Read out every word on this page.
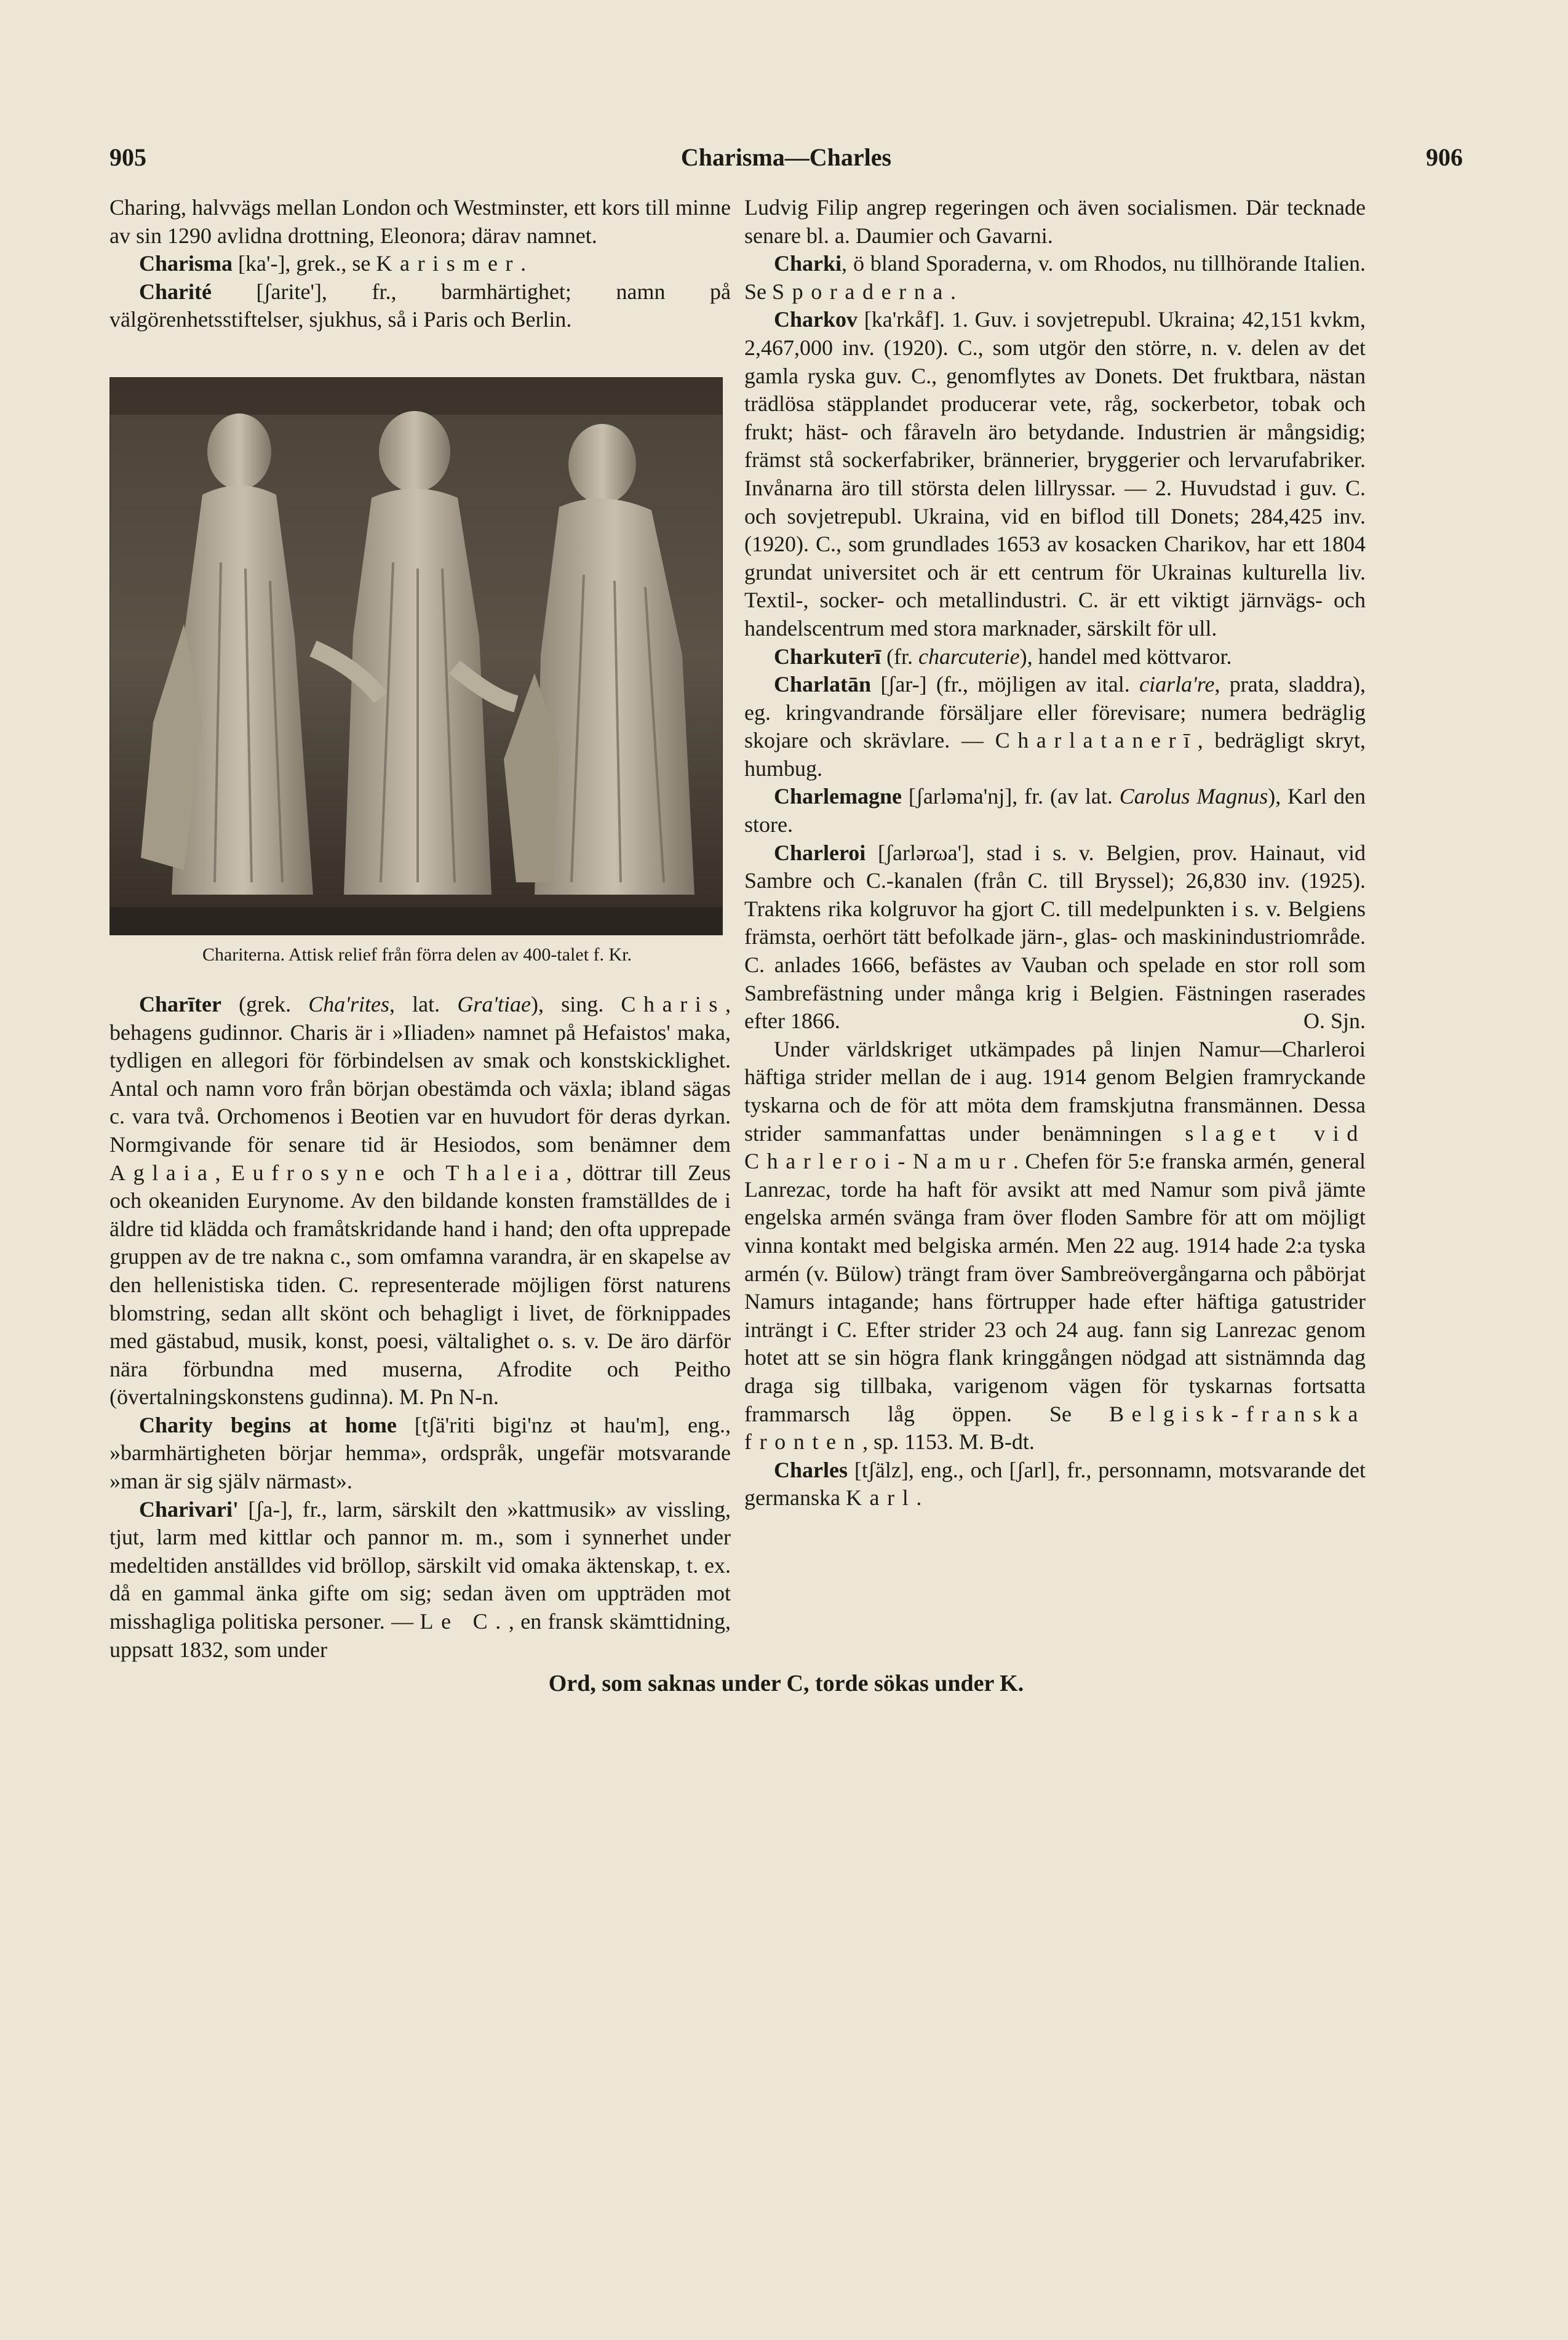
905	Charisma—Charles	906

Charing, halvvägs mellan London och Westminster, ett kors till minne av sin 1290 avlidna drottning, Eleonora; därav namnet.

Charisma [ka'-], grek., se Karismer.

Charité [ʃarite'], fr., barmhärtighet; namn på välgörenhetsstiftelser, sjukhus, så i Paris och Berlin.

Chariterna. Attisk relief från förra delen av 400-talet f. Kr.

Charīter (grek. Cha'rites, lat. Gra'tiae), sing. Charis, behagens gudinnor. Charis är i »Iliaden» namnet på Hefaistos' maka, tydligen en allegori för förbindelsen av smak och konstskicklighet. Antal och namn voro från början obestämda och växla; ibland sägas c. vara två. Orchomenos i Beotien var en huvudort för deras dyrkan. Normgivande för senare tid är Hesiodos, som benämner dem Aglaia, Eufrosyne och Thaleia, döttrar till Zeus och okeaniden Eurynome. Av den bildande konsten framställdes de i äldre tid klädda och framåtskridande hand i hand; den ofta upprepade gruppen av de tre nakna c., som omfamna varandra, är en skapelse av den hellenistiska tiden. C. representerade möjligen först naturens blomstring, sedan allt skönt och behagligt i livet, de förknippades med gästabud, musik, konst, poesi, vältalighet o. s. v. De äro därför nära förbundna med muserna, Afrodite och Peitho (övertalningskonstens gudinna). M. Pn N-n.

Charity begins at home [tʃä'riti bigi'nz ət hau'm], eng., »barmhärtigheten börjar hemma», ordspråk, ungefär motsvarande »man är sig själv närmast».

Charivari' [ʃa-], fr., larm, särskilt den »kattmusik» av vissling, tjut, larm med kittlar och pannor m. m., som i synnerhet under medeltiden anställdes vid bröllop, särskilt vid omaka äktenskap, t. ex. då en gammal änka gifte om sig; sedan även om uppträden mot misshagliga politiska personer. — Le C., en fransk skämttidning, uppsatt 1832, som under

Ludvig Filip angrep regeringen och även socialismen. Där tecknade senare bl. a. Daumier och Gavarni.

Charki, ö bland Sporaderna, v. om Rhodos, nu tillhörande Italien. Se Sporaderna.

Charkov [ka'rkåf]. 1. Guv. i sovjetrepubl. Ukraina; 42,151 kvkm, 2,467,000 inv. (1920). C., som utgör den större, n. v. delen av det gamla ryska guv. C., genomflytes av Donets. Det fruktbara, nästan trädlösa stäpplandet producerar vete, råg, sockerbetor, tobak och frukt; häst- och fåraveln äro betydande. Industrien är mångsidig; främst stå sockerfabriker, brännerier, bryggerier och lervarufabriker. Invånarna äro till största delen lillryssar. — 2. Huvudstad i guv. C. och sovjetrepubl. Ukraina, vid en biflod till Donets; 284,425 inv. (1920). C., som grundlades 1653 av kosacken Charikov, har ett 1804 grundat universitet och är ett centrum för Ukrainas kulturella liv. Textil-, socker- och metallindustri. C. är ett viktigt järnvägs- och handelscentrum med stora marknader, särskilt för ull.

Charkuterī (fr. charcuterie), handel med köttvaror.

Charlatān [ʃar-] (fr., möjligen av ital. ciarla're, prata, sladdra), eg. kringvandrande försäljare eller förevisare; numera bedräglig skojare och skrävlare. — Charlatanerī, bedrägligt skryt, humbug.

Charlemagne [ʃarləma'nj], fr. (av lat. Carolus Magnus), Karl den store.

Charleroi [ʃarlərωa'], stad i s. v. Belgien, prov. Hainaut, vid Sambre och C.-kanalen (från C. till Bryssel); 26,830 inv. (1925). Traktens rika kolgruvor ha gjort C. till medelpunkten i s. v. Belgiens främsta, oerhört tätt befolkade järn-, glas- och maskinindustriområde. C. anlades 1666, befästes av Vauban och spelade en stor roll som Sambrefästning under många krig i Belgien. Fästningen raserades efter 1866.	O. Sjn.

Under världskriget utkämpades på linjen Namur—Charleroi häftiga strider mellan de i aug. 1914 genom Belgien framryckande tyskarna och de för att möta dem framskjutna fransmännen. Dessa strider sammanfattas under benämningen slaget vid Charleroi-Namur. Chefen för 5:e franska armén, general Lanrezac, torde ha haft för avsikt att med Namur som pivå jämte engelska armén svänga fram över floden Sambre för att om möjligt vinna kontakt med belgiska armén. Men 22 aug. 1914 hade 2:a tyska armén (v. Bülow) trängt fram över Sambreövergångarna och påbörjat Namurs intagande; hans förtrupper hade efter häftiga gatustrider inträngt i C. Efter strider 23 och 24 aug. fann sig Lanrezac genom hotet att se sin högra flank kringgången nödgad att sistnämnda dag draga sig tillbaka, varigenom vägen för tyskarnas fortsatta frammarsch låg öppen. Se Belgisk-franska fronten, sp. 1153. M. B-dt.

Charles [tʃälz], eng., och [ʃarl], fr., personnamn, motsvarande det germanska Karl.

Ord, som saknas under C, torde sökas under K.
